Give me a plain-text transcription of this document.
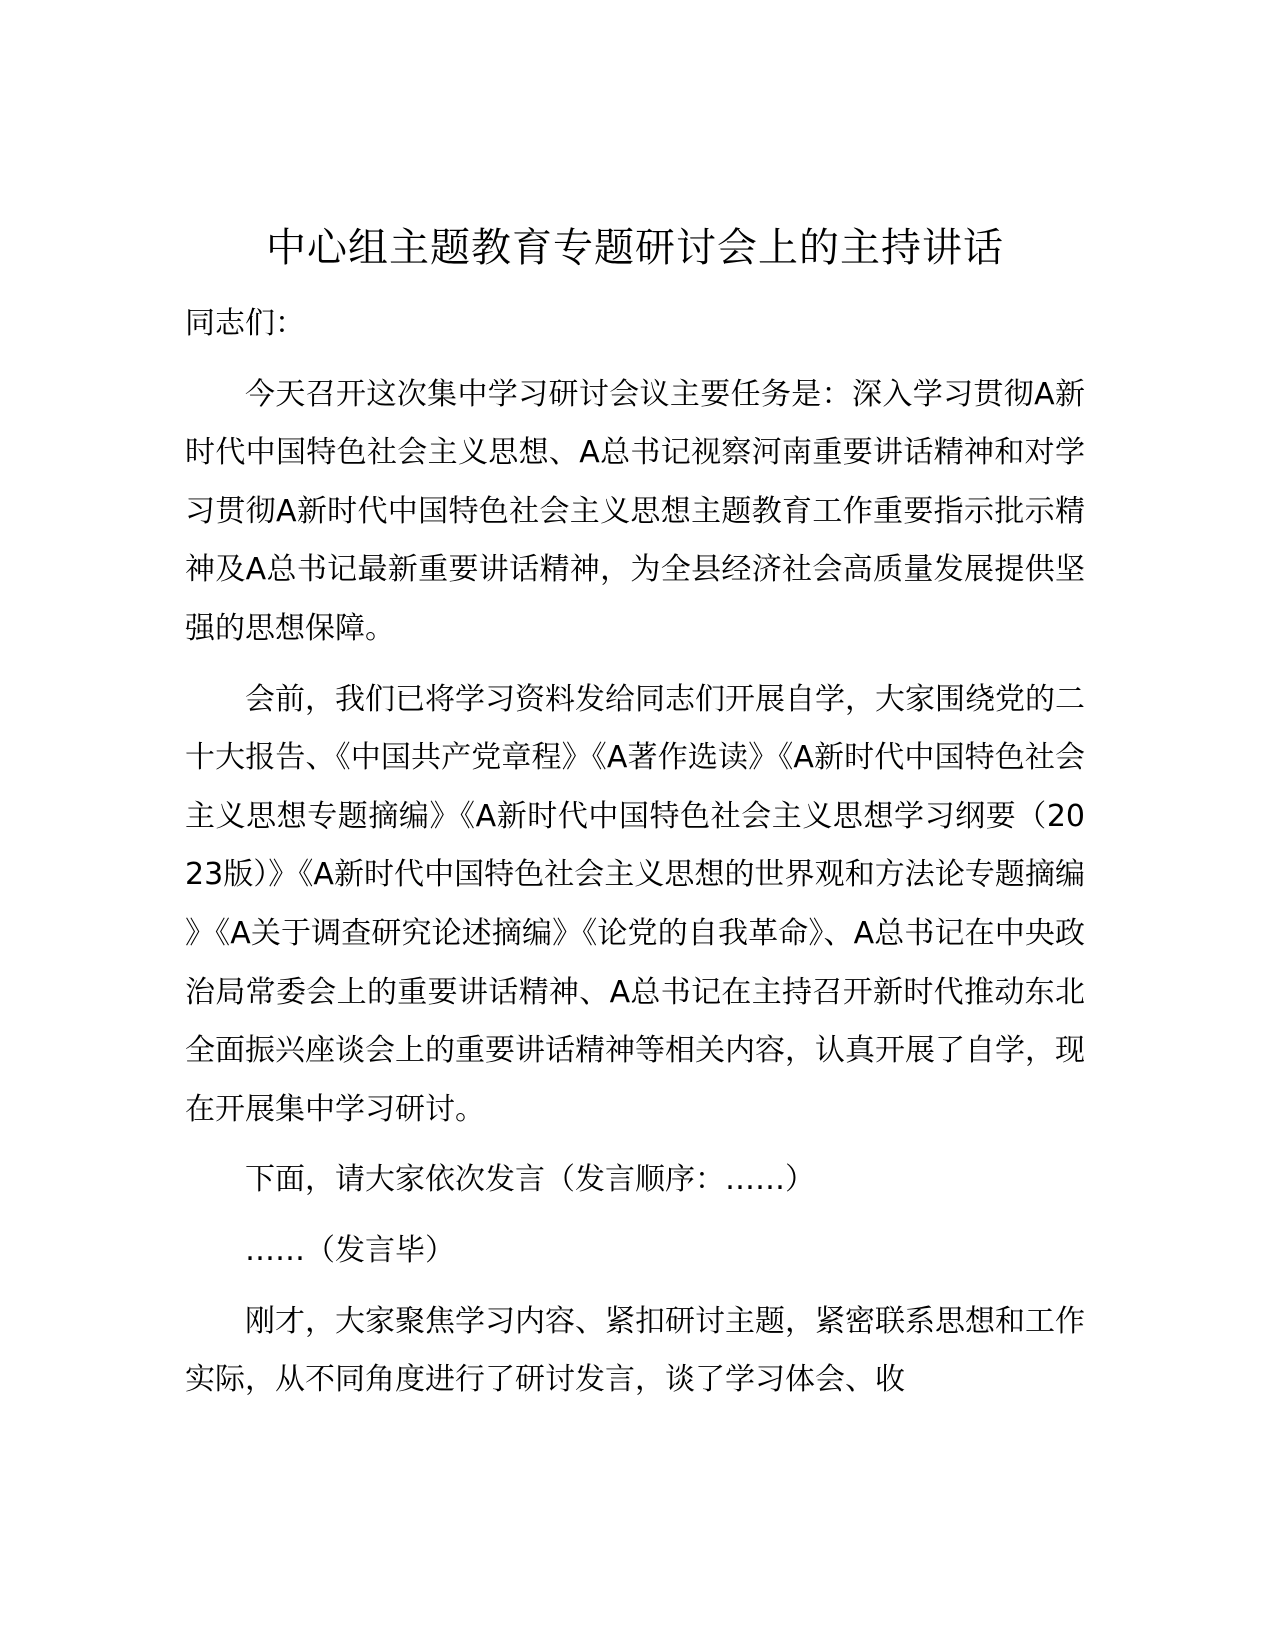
中心组主题教育专题研讨会上的主持讲话

同志们：

今天召开这次集中学习研讨会议主要任务是：深入学习贯彻A新时代中国特色社会主义思想、A总书记视察河南重要讲话精神和对学习贯彻A新时代中国特色社会主义思想主题教育工作重要指示批示精神及A总书记最新重要讲话精神，为全县经济社会高质量发展提供坚强的思想保障。

会前，我们已将学习资料发给同志们开展自学，大家围绕党的二十大报告、《中国共产党章程》《A著作选读》《A新时代中国特色社会主义思想专题摘编》《A新时代中国特色社会主义思想学习纲要（2023版）》《A新时代中国特色社会主义思想的世界观和方法论专题摘编》《A关于调查研究论述摘编》《论党的自我革命》、A总书记在中央政治局常委会上的重要讲话精神、A总书记在主持召开新时代推动东北全面振兴座谈会上的重要讲话精神等相关内容，认真开展了自学，现在开展集中学习研讨。

下面，请大家依次发言（发言顺序：……）

……（发言毕）

刚才，大家聚焦学习内容、紧扣研讨主题，紧密联系思想和工作实际，从不同角度进行了研讨发言，谈了学习体会、收
